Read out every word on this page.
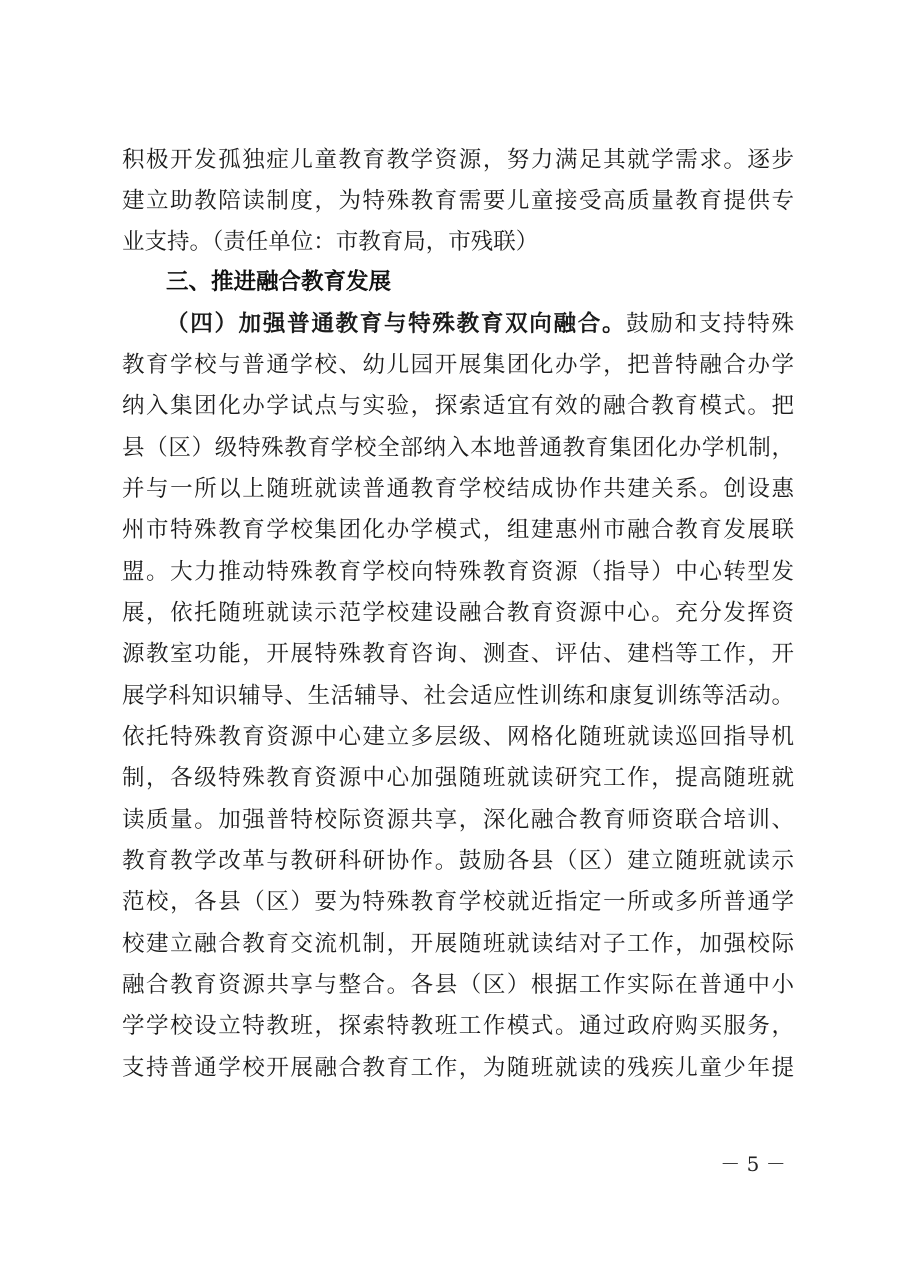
积极开发孤独症儿童教育教学资源，努力满足其就学需求。逐步
建立助教陪读制度，为特殊教育需要儿童接受高质量教育提供专
业支持。（责任单位：市教育局，市残联）
三、推进融合教育发展
（四）加强普通教育与特殊教育双向融合。鼓励和支持特殊
教育学校与普通学校、幼儿园开展集团化办学，把普特融合办学
纳入集团化办学试点与实验，探索适宜有效的融合教育模式。把
县（区）级特殊教育学校全部纳入本地普通教育集团化办学机制，
并与一所以上随班就读普通教育学校结成协作共建关系。创设惠
州市特殊教育学校集团化办学模式，组建惠州市融合教育发展联
盟。大力推动特殊教育学校向特殊教育资源（指导）中心转型发
展，依托随班就读示范学校建设融合教育资源中心。充分发挥资
源教室功能，开展特殊教育咨询、测查、评估、建档等工作，开
展学科知识辅导、生活辅导、社会适应性训练和康复训练等活动。
依托特殊教育资源中心建立多层级、网格化随班就读巡回指导机
制，各级特殊教育资源中心加强随班就读研究工作，提高随班就
读质量。加强普特校际资源共享，深化融合教育师资联合培训、
教育教学改革与教研科研协作。鼓励各县（区）建立随班就读示
范校，各县（区）要为特殊教育学校就近指定一所或多所普通学
校建立融合教育交流机制，开展随班就读结对子工作，加强校际
融合教育资源共享与整合。各县（区）根据工作实际在普通中小
学学校设立特教班，探索特教班工作模式。通过政府购买服务，
支持普通学校开展融合教育工作，为随班就读的残疾儿童少年提
－ 5 －
